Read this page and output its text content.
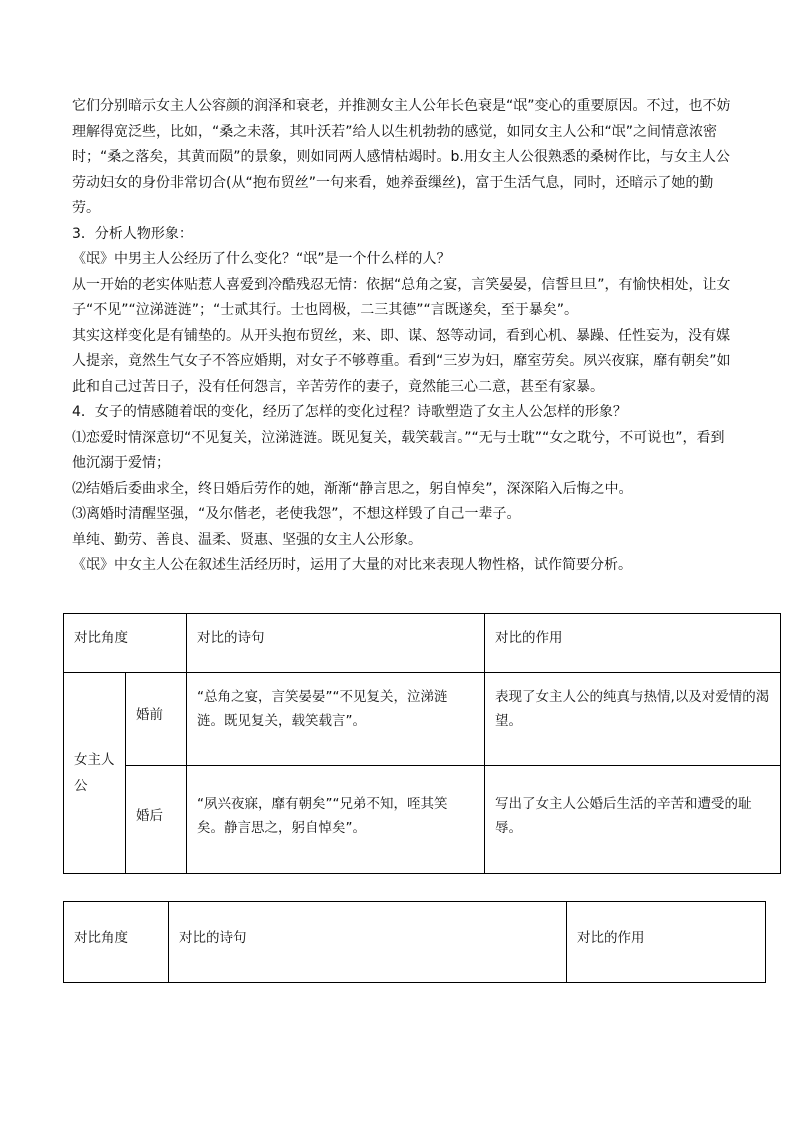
它们分别暗示女主人公容颜的润泽和衰老，并推测女主人公年长色衰是“氓”变心的重要原因。不过，也不妨理解得宽泛些，比如，“桑之未落，其叶沃若”给人以生机勃勃的感觉，如同女主人公和“氓”之间情意浓密时；“桑之落矣，其黄而陨”的景象，则如同两人感情枯竭时。b.用女主人公很熟悉的桑树作比，与女主人公劳动妇女的身份非常切合(从“抱布贸丝”一句来看，她养蚕缫丝)，富于生活气息，同时，还暗示了她的勤劳。

3．分析人物形象：

《氓》中男主人公经历了什么变化？“氓”是一个什么样的人？

从一开始的老实体贴惹人喜爱到冷酷残忍无情：依据“总角之宴，言笑晏晏，信誓旦旦”，有愉快相处，让女子“不见”“泣涕涟涟”；“士贰其行。士也罔极，二三其德”“言既遂矣，至于暴矣”。

其实这样变化是有铺垫的。从开头抱布贸丝，来、即、谋、怒等动词，看到心机、暴躁、任性妄为，没有媒人提亲，竟然生气女子不答应婚期，对女子不够尊重。看到“三岁为妇，靡室劳矣。夙兴夜寐，靡有朝矣”如此和自己过苦日子，没有任何怨言，辛苦劳作的妻子，竟然能三心二意，甚至有家暴。

4．女子的情感随着氓的变化，经历了怎样的变化过程？诗歌塑造了女主人公怎样的形象？

⑴恋爱时情深意切“不见复关，泣涕涟涟。既见复关，载笑载言。”“无与士耽”“女之耽兮，不可说也”，看到他沉溺于爱情；

⑵结婚后委曲求全，终日婚后劳作的她，渐渐“静言思之，躬自悼矣”，深深陷入后悔之中。

⑶离婚时清醒坚强，“及尔偕老，老使我怨”，不想这样毁了自己一辈子。

单纯、勤劳、善良、温柔、贤惠、坚强的女主人公形象。

《氓》中女主人公在叙述生活经历时，运用了大量的对比来表现人物性格，试作简要分析。

对比角度		对比的诗句	对比的作用

女主人公	婚前	“总角之宴，言笑晏晏”“不见复关，泣涕涟涟。既见复关，载笑载言”。	表现了女主人公的纯真与热情,以及对爱情的渴望。

	婚后	“夙兴夜寐，靡有朝矣”“兄弟不知，咥其笑矣。静言思之，躬自悼矣”。	写出了女主人公婚后生活的辛苦和遭受的耻辱。
对比角度	对比的诗句	对比的作用
